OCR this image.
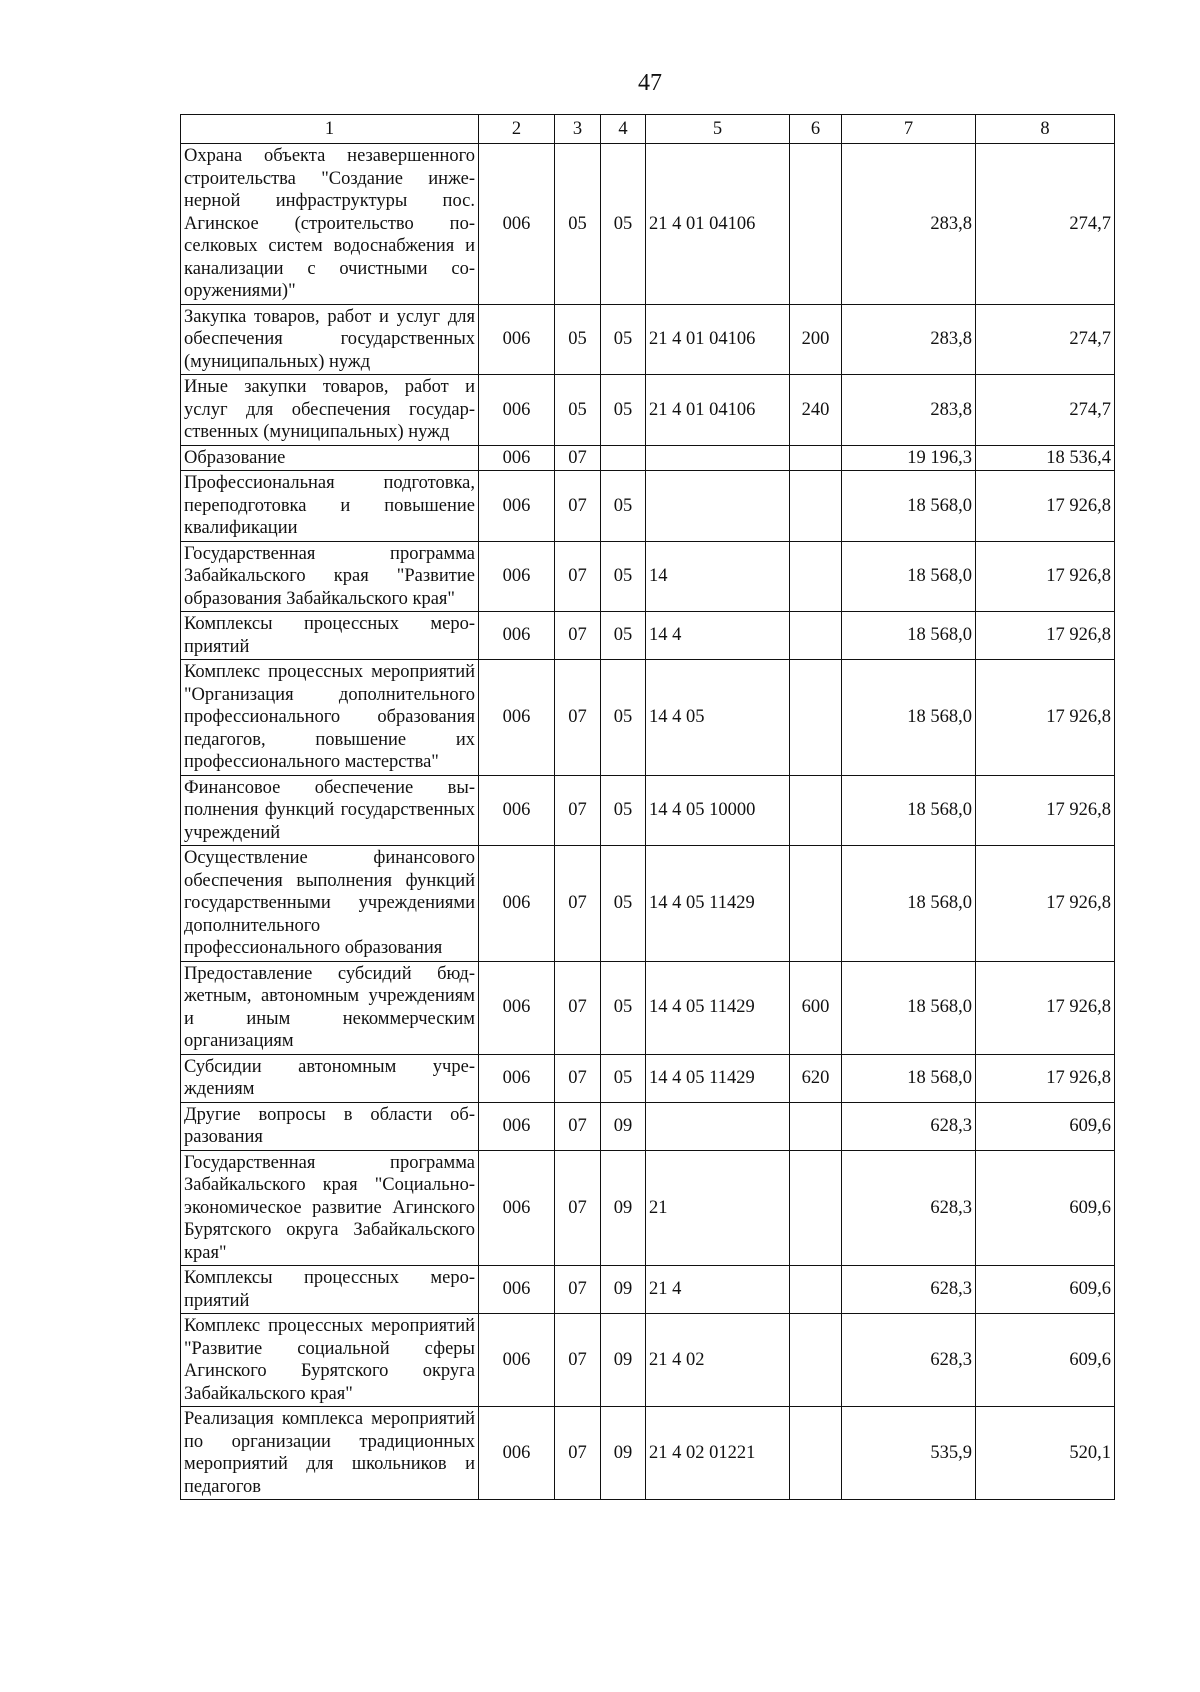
47
1	2	3	4	5	6	7	8
Охрана объекта незавершенного строительства "Создание инженерной инфраструктуры пос. Агинское (строительство поселковых систем водоснабжения и канализации с очистными сооружениями)"	006	05	05	21 4 01 04106		283,8	274,7
Закупка товаров, работ и услуг для обеспечения государственных (муниципальных) нужд	006	05	05	21 4 01 04106	200	283,8	274,7
Иные закупки товаров, работ и услуг для обеспечения государственных (муниципальных) нужд	006	05	05	21 4 01 04106	240	283,8	274,7
Образование	006	07				19 196,3	18 536,4
Профессиональная подготовка, переподготовка и повышение квалификации	006	07	05			18 568,0	17 926,8
Государственная программа Забайкальского края "Развитие образования Забайкальского края"	006	07	05	14		18 568,0	17 926,8
Комплексы процессных мероприятий	006	07	05	14 4		18 568,0	17 926,8
Комплекс процессных мероприятий "Организация дополнительного профессионального образования педагогов, повышение их профессионального мастерства"	006	07	05	14 4 05		18 568,0	17 926,8
Финансовое обеспечение выполнения функций государственных учреждений	006	07	05	14 4 05 10000		18 568,0	17 926,8
Осуществление финансового обеспечения выполнения функций государственными учреждениями дополнительного профессионального образования	006	07	05	14 4 05 11429		18 568,0	17 926,8
Предоставление субсидий бюджетным, автономным учреждениям и иным некоммерческим организациям	006	07	05	14 4 05 11429	600	18 568,0	17 926,8
Субсидии автономным учреждениям	006	07	05	14 4 05 11429	620	18 568,0	17 926,8
Другие вопросы в области образования	006	07	09			628,3	609,6
Государственная программа Забайкальского края "Социально-экономическое развитие Агинского Бурятского округа Забайкальского края"	006	07	09	21		628,3	609,6
Комплексы процессных мероприятий	006	07	09	21 4		628,3	609,6
Комплекс процессных мероприятий "Развитие социальной сферы Агинского Бурятского округа Забайкальского края"	006	07	09	21 4 02		628,3	609,6
Реализация комплекса мероприятий по организации традиционных мероприятий для школьников и педагогов	006	07	09	21 4 02 01221		535,9	520,1
